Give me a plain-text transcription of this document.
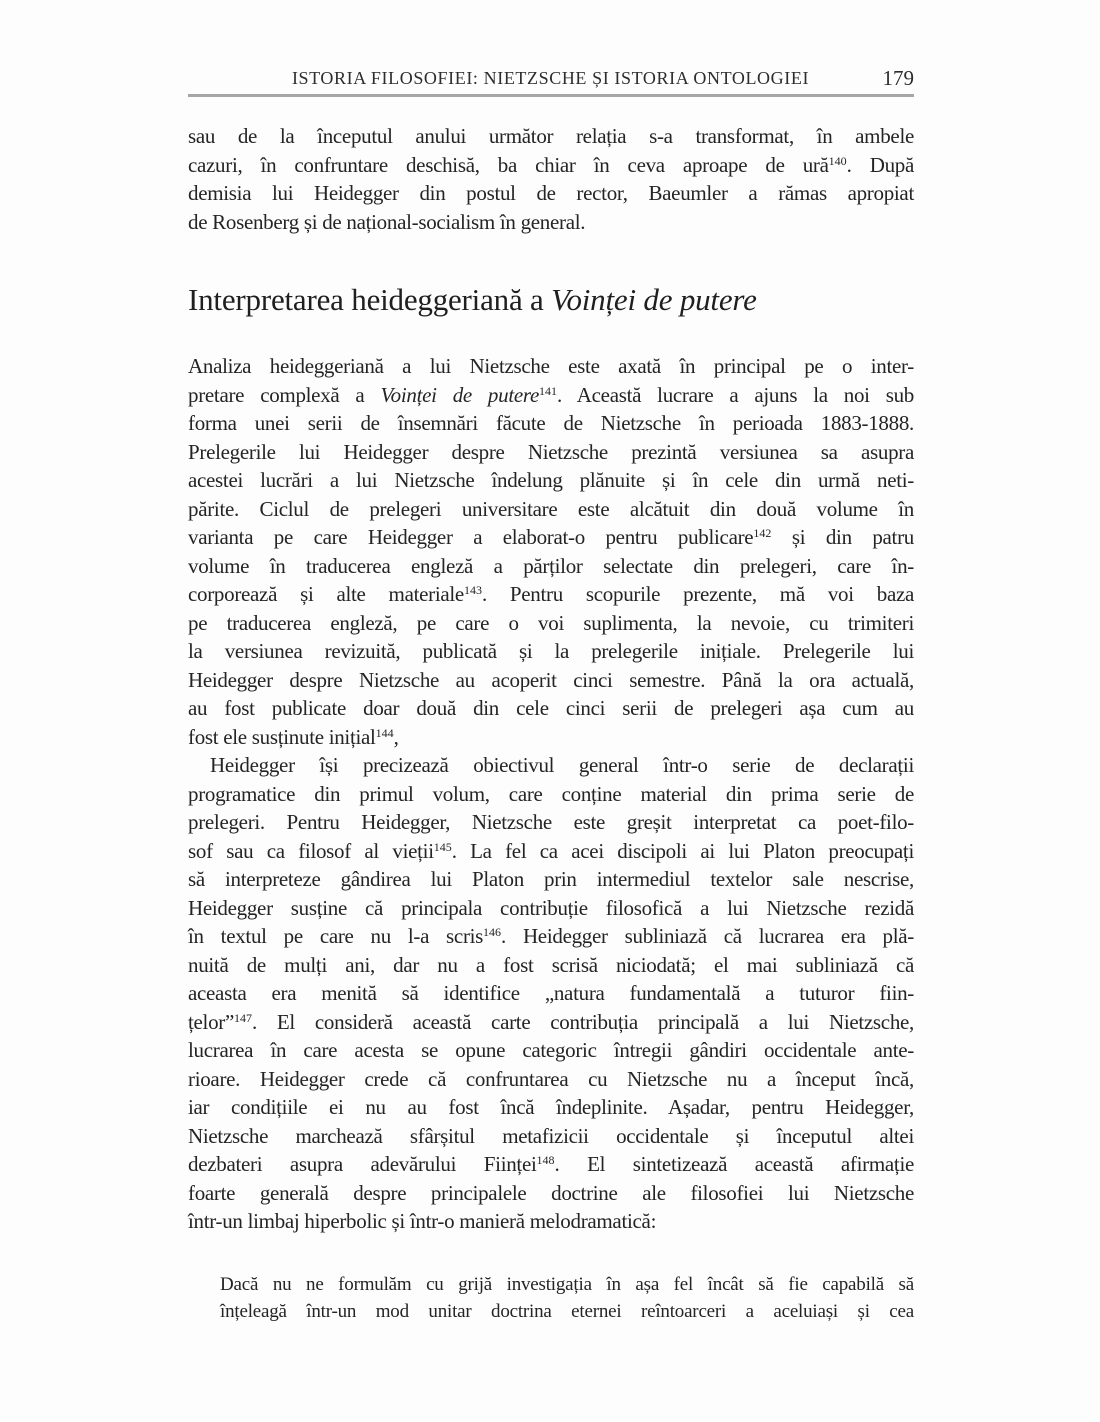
ISTORIA FILOSOFIEI: NIETZSCHE ȘI ISTORIA ONTOLOGIEI	179
sau de la începutul anului următor relația s-a transformat, în ambele
cazuri, în confruntare deschisă, ba chiar în ceva aproape de ură$^{140}$. După
demisia lui Heidegger din postul de rector, Baeumler a rămas apropiat
de Rosenberg și de național-socialism în general.
Interpretarea heideggeriană a Voinței de putere
Analiza heideggeriană a lui Nietzsche este axată în principal pe o inter-
pretare complexă a Voinței de putere$^{141}$. Această lucrare a ajuns la noi sub
forma unei serii de însemnări făcute de Nietzsche în perioada 1883-1888.
Prelegerile lui Heidegger despre Nietzsche prezintă versiunea sa asupra
acestei lucrări a lui Nietzsche îndelung plănuite și în cele din urmă neti-
părite. Ciclul de prelegeri universitare este alcătuit din două volume în
varianta pe care Heidegger a elaborat-o pentru publicare$^{142}$ și din patru
volume în traducerea engleză a părților selectate din prelegeri, care în-
corporează și alte materiale$^{143}$. Pentru scopurile prezente, mă voi baza
pe traducerea engleză, pe care o voi suplimenta, la nevoie, cu trimiteri
la versiunea revizuită, publicată și la prelegerile inițiale. Prelegerile lui
Heidegger despre Nietzsche au acoperit cinci semestre. Până la ora actuală,
au fost publicate doar două din cele cinci serii de prelegeri așa cum au
fost ele susținute inițial$^{144}$,
Heidegger își precizează obiectivul general într-o serie de declarații
programatice din primul volum, care conține material din prima serie de
prelegeri. Pentru Heidegger, Nietzsche este greșit interpretat ca poet-filo-
sof sau ca filosof al vieții$^{145}$. La fel ca acei discipoli ai lui Platon preocupați
să interpreteze gândirea lui Platon prin intermediul textelor sale nescrise,
Heidegger susține că principala contribuție filosofică a lui Nietzsche rezidă
în textul pe care nu l-a scris$^{146}$. Heidegger subliniază că lucrarea era plă-
nuită de mulți ani, dar nu a fost scrisă niciodată; el mai subliniază că
aceasta era menită să identifice „natura fundamentală a tuturor fiin-
țelor”$^{147}$. El consideră această carte contribuția principală a lui Nietzsche,
lucrarea în care acesta se opune categoric întregii gândiri occidentale ante-
rioare. Heidegger crede că confruntarea cu Nietzsche nu a început încă,
iar condițiile ei nu au fost încă îndeplinite. Așadar, pentru Heidegger,
Nietzsche marchează sfârșitul metafizicii occidentale și începutul altei
dezbateri asupra adevărului Ființei$^{148}$. El sintetizează această afirmație
foarte generală despre principalele doctrine ale filosofiei lui Nietzsche
într-un limbaj hiperbolic și într-o manieră melodramatică:
Dacă nu ne formulăm cu grijă investigația în așa fel încât să fie capabilă să
înțeleagă într-un mod unitar doctrina eternei reîntoarceri a aceluiași și cea
